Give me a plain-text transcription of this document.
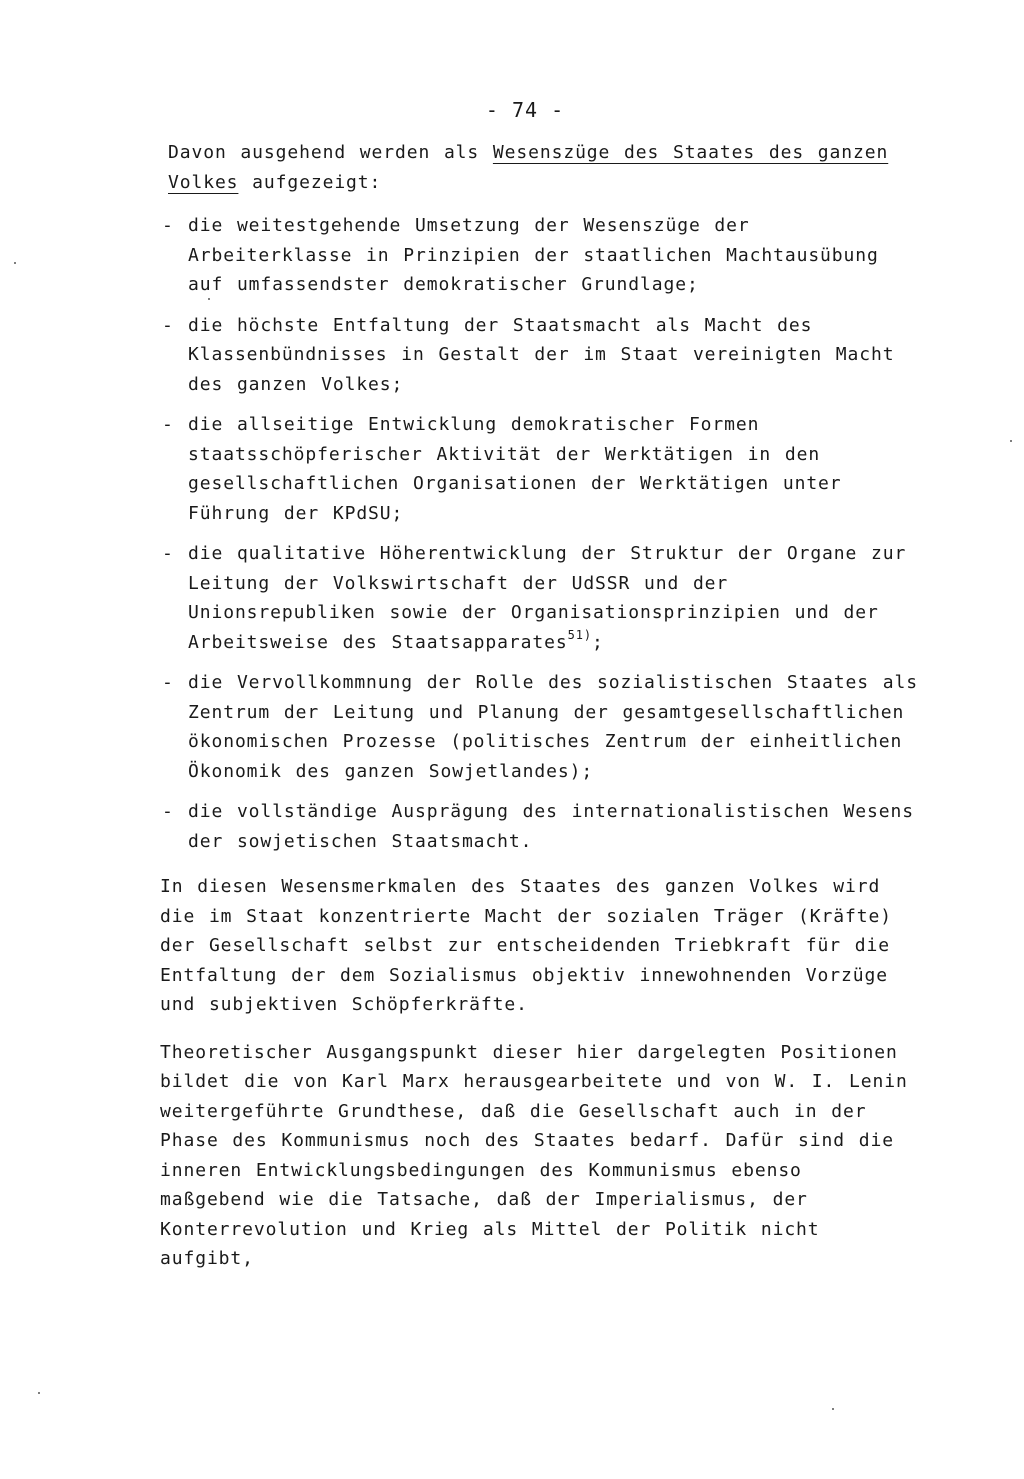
- 74 -

Davon ausgehend werden als Wesenszüge des Staates des ganzen Volkes aufgezeigt:

- die weitestgehende Umsetzung der Wesenszüge der Arbeiterklasse in Prinzipien der staatlichen Machtausübung auf umfassendster demokratischer Grundlage;
- die höchste Entfaltung der Staatsmacht als Macht des Klassenbündnisses in Gestalt der im Staat vereinigten Macht des ganzen Volkes;
- die allseitige Entwicklung demokratischer Formen staatsschöpferischer Aktivität der Werktätigen in den gesellschaftlichen Organisationen der Werktätigen unter Führung der KPdSU;
- die qualitative Höherentwicklung der Struktur der Organe zur Leitung der Volkswirtschaft der UdSSR und der Unionsrepubliken sowie der Organisationsprinzipien und der Arbeitsweise des Staatsapparates$^{51)}$;
- die Vervollkommnung der Rolle des sozialistischen Staates als Zentrum der Leitung und Planung der gesamtgesellschaftlichen ökonomischen Prozesse (politisches Zentrum der einheitlichen Ökonomik des ganzen Sowjetlandes);
- die vollständige Ausprägung des internationalistischen Wesens der sowjetischen Staatsmacht.

In diesen Wesensmerkmalen des Staates des ganzen Volkes wird die im Staat konzentrierte Macht der sozialen Träger (Kräfte) der Gesellschaft selbst zur entscheidenden Triebkraft für die Entfaltung der dem Sozialismus objektiv innewohnenden Vorzüge und subjektiven Schöpferkräfte.

Theoretischer Ausgangspunkt dieser hier dargelegten Positionen bildet die von Karl Marx herausgearbeitete und von W. I. Lenin weitergeführte Grundthese, daß die Gesellschaft auch in der Phase des Kommunismus noch des Staates bedarf. Dafür sind die inneren Entwicklungsbedingungen des Kommunismus ebenso maßgebend wie die Tatsache, daß der Imperialismus, der Konterrevolution und Krieg als Mittel der Politik nicht aufgibt,
